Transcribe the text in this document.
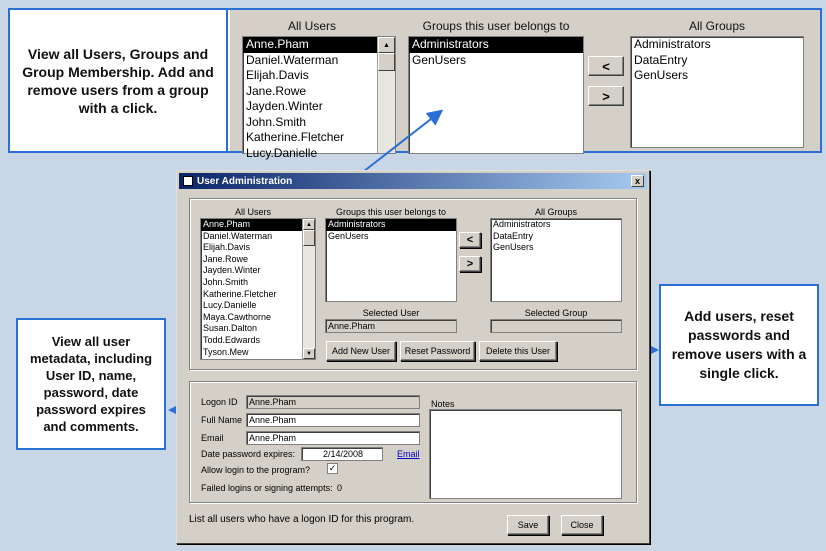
View all Users, Groups and Group Membership. Add and remove users from a group with a click.
All Users	Groups this user belongs to	All Groups
Anne.Pham
Daniel.Waterman
Elijah.Davis
Jane.Rowe
Jayden.Winter
John.Smith
Katherine.Fletcher
Lucy.Danielle
▲	Administrators
GenUsers	<
>
Administrators
DataEntry
GenUsers
View all user metadata, including User ID, name, password, date password expires and comments.
Add users, reset passwords and remove users with a single click.
User Administration	x
All Users	Groups this user belongs to	All Groups
Anne.Pham
Daniel.Waterman
Elijah.Davis
Jane.Rowe
Jayden.Winter
John.Smith
Katherine.Fletcher
Lucy.Danielle
Maya.Cawthorne
Susan.Dalton
Todd.Edwards
Tyson.Mew
▲
▼
Administrators
GenUsers	<
>
Administrators
DataEntry
GenUsers
Selected User
Anne.Pham
Selected Group
Add New User	Reset Password	Delete this User
Logon ID	Anne.Pham
Full Name Anne.Pham
Email	Anne.Pham
Date password expires:	2/14/2008	Email
Allow login to the program? ✓
Failed logins or signing attempts: 0
Notes
List all users who have a logon ID for this program.	Save	Close
